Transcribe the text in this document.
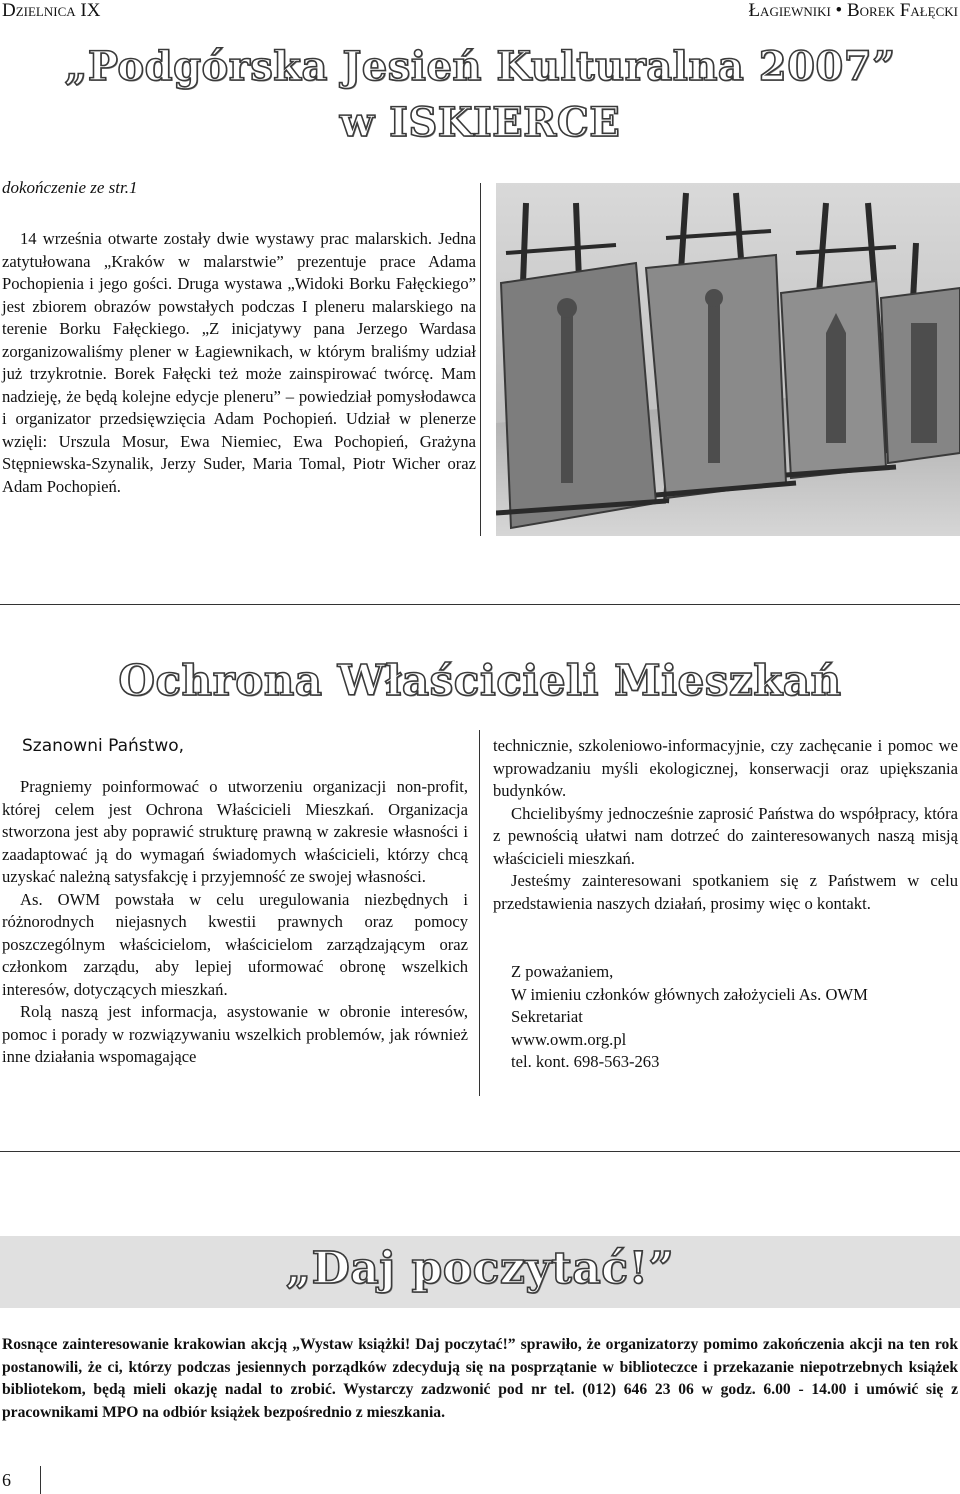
Dzielnica IX	Łagiewniki • Borek Fałęcki
„Podgórska Jesień Kulturalna 2007”
w ISKIERCE
dokończenie ze str.1

14 września otwarte zostały dwie wystawy prac malarskich. Jedna zatytułowana „Kraków w malarstwie” prezentuje prace Adama Pochopienia i jego gości. Druga wystawa „Widoki Borku Fałęckiego” jest zbiorem obrazów powstałych podczas I pleneru malarskiego na terenie Borku Fałęckiego. „Z inicjatywy pana Jerzego Wardasa zorganizowaliśmy plener w Łagiewnikach, w którym braliśmy udział już trzykrotnie. Borek Fałęcki też może zainspirować twórcę. Mam nadzieję, że będą kolejne edycje pleneru” – powiedział pomysłodawca i organizator przedsięwzięcia Adam Pochopień. Udział w plenerze wzięli: Urszula Mosur, Ewa Niemiec, Ewa Pochopień, Grażyna Stępniewska-Szynalik, Jerzy Suder, Maria Tomal, Piotr Wicher oraz Adam Pochopień.

Ochrona Właścicieli Mieszkań
Szanowni Państwo,

Pragniemy poinformować o utworzeniu organizacji non-profit, której celem jest Ochrona Właścicieli Mieszkań. Organizacja stworzona jest aby poprawić strukturę prawną w zakresie własności i zaadaptować ją do wymagań świadomych właścicieli, którzy chcą uzyskać należną satysfakcję i przyjemność ze swojej własności.

As. OWM powstała w celu uregulowania niezbędnych i różnorodnych niejasnych kwestii prawnych oraz pomocy poszczególnym właścicielom, właścicielom zarządzającym oraz członkom zarządu, aby lepiej uformować obronę wszelkich interesów, dotyczących mieszkań.

Rolą naszą jest informacja, asystowanie w obronie interesów, pomoc i porady w rozwiązywaniu wszelkich problemów, jak również inne działania wspomagające

technicznie, szkoleniowo-informacyjnie, czy zachęcanie i pomoc we wprowadzaniu myśli ekologicznej, konserwacji oraz upiększania budynków.

Chcielibyśmy jednocześnie zaprosić Państwa do współpracy, która z pewnością ułatwi nam dotrzeć do zainteresowanych naszą misją właścicieli mieszkań.

Jesteśmy zainteresowani spotkaniem się z Państwem w celu przedstawienia naszych działań, prosimy więc o kontakt.

Z poważaniem,
W imieniu członków głównych założycieli As. OWM
Sekretariat
www.owm.org.pl
tel. kont. 698-563-263
„Daj poczytać!”

Rosnące zainteresowanie krakowian akcją „Wystaw książki! Daj poczytać!” sprawiło, że organizatorzy pomimo zakończenia akcji na ten rok postanowili, że ci, którzy podczas jesiennych porządków zdecydują się na posprzątanie w biblioteczce i przekazanie niepotrzebnych książek bibliotekom, będą mieli okazję nadal to zrobić. Wystarczy zadzwonić pod nr tel. (012) 646 23 06 w godz. 6.00 - 14.00 i umówić się z pracownikami MPO na odbiór książek bezpośrednio z mieszkania.

6
